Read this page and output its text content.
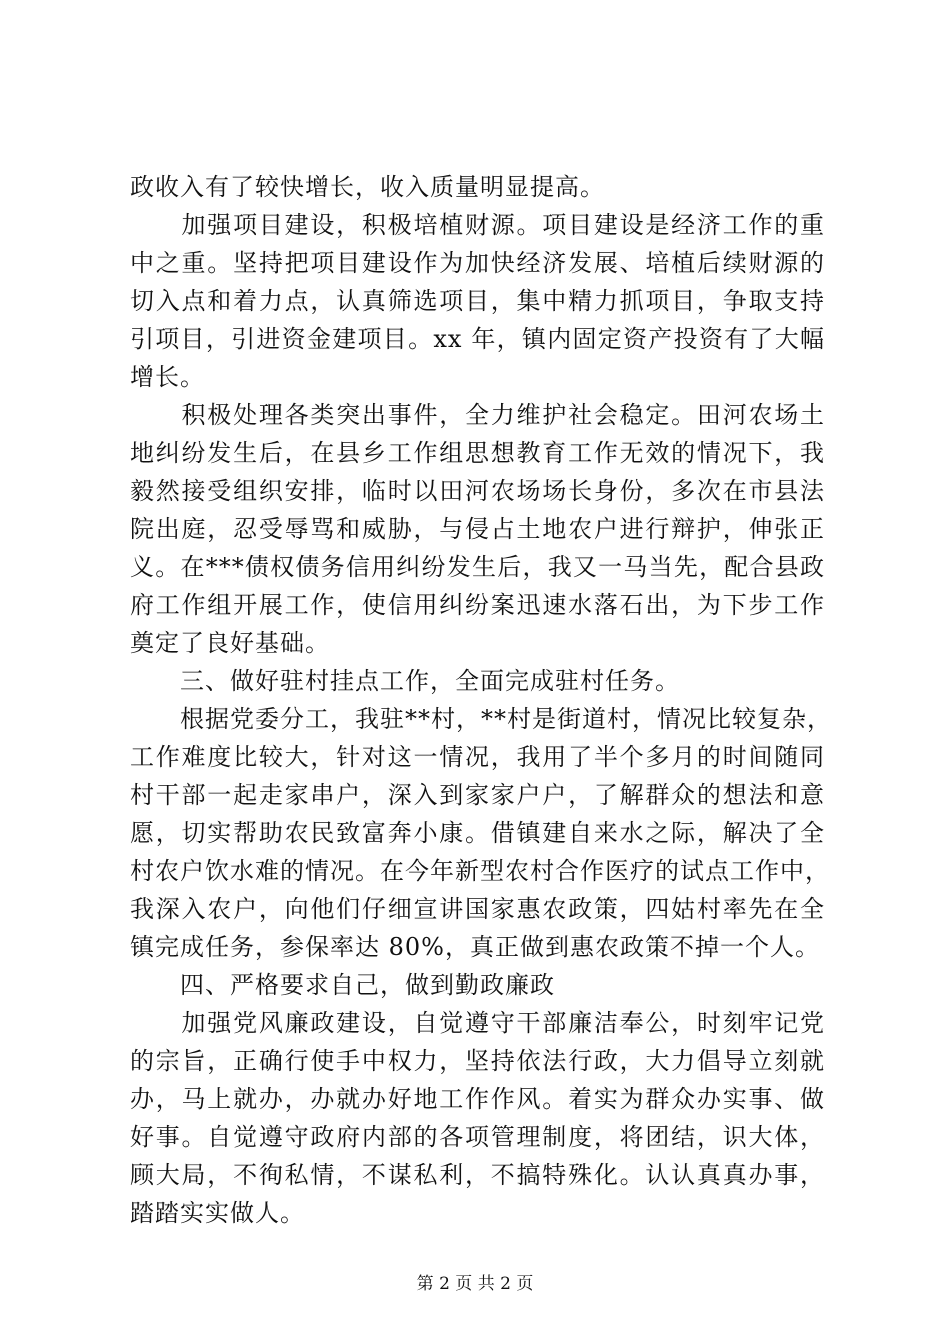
政收入有了较快增长，收入质量明显提高。
　　加强项目建设，积极培植财源。项目建设是经济工作的重
中之重。坚持把项目建设作为加快经济发展、培植后续财源的
切入点和着力点，认真筛选项目，集中精力抓项目，争取支持
引项目，引进资金建项目。xx 年，镇内固定资产投资有了大幅
增长。
　　积极处理各类突出事件，全力维护社会稳定。田河农场土
地纠纷发生后，在县乡工作组思想教育工作无效的情况下，我
毅然接受组织安排，临时以田河农场场长身份，多次在市县法
院出庭，忍受辱骂和威胁，与侵占土地农户进行辩护，伸张正
义。在***债权债务信用纠纷发生后，我又一马当先，配合县政
府工作组开展工作，使信用纠纷案迅速水落石出，为下步工作
奠定了良好基础。
　　三、做好驻村挂点工作，全面完成驻村任务。
　　根据党委分工，我驻**村，**村是街道村，情况比较复杂，
工作难度比较大，针对这一情况，我用了半个多月的时间随同
村干部一起走家串户，深入到家家户户，了解群众的想法和意
愿，切实帮助农民致富奔小康。借镇建自来水之际，解决了全
村农户饮水难的情况。在今年新型农村合作医疗的试点工作中，
我深入农户，向他们仔细宣讲国家惠农政策，四姑村率先在全
镇完成任务，参保率达 80%，真正做到惠农政策不掉一个人。
　　四、严格要求自己，做到勤政廉政
　　加强党风廉政建设，自觉遵守干部廉洁奉公，时刻牢记党
的宗旨，正确行使手中权力，坚持依法行政，大力倡导立刻就
办，马上就办，办就办好地工作作风。着实为群众办实事、做
好事。自觉遵守政府内部的各项管理制度，将团结，识大体，
顾大局，不徇私情，不谋私利，不搞特殊化。认认真真办事，
踏踏实实做人。
第 2 页 共 2 页
